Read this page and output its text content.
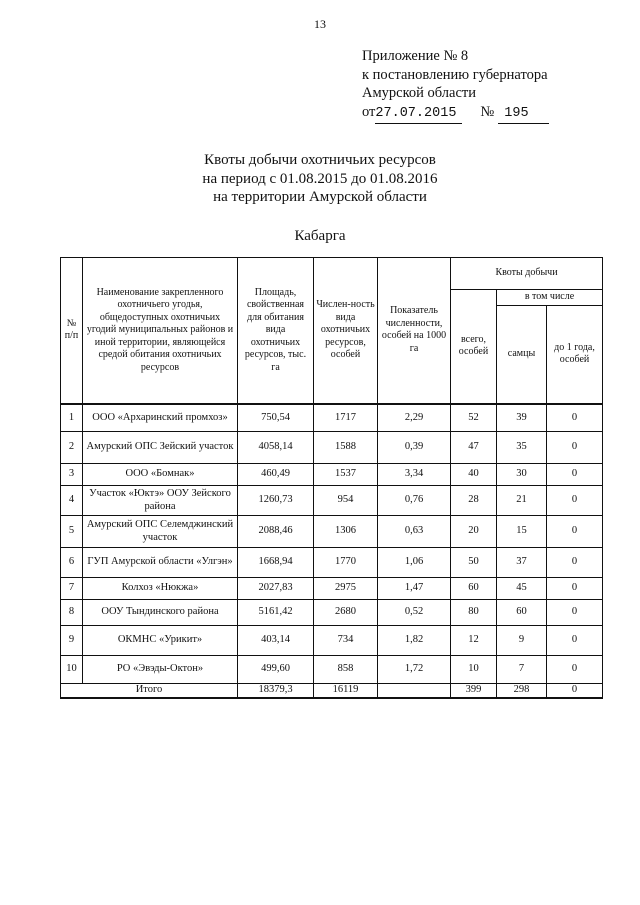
13
Приложение № 8
к постановлению губернатора
Амурской области
от 27.07.2015	№ 195
Квоты добычи охотничьих ресурсов
на период с 01.08.2015 до 01.08.2016
на территории Амурской области
Кабарга
№ п/п	Наименование закрепленного охотничьего угодья, общедоступных охотничьих угодий муниципальных районов и иной территории, являющейся средой обитания охотничьих ресурсов	Площадь, свойственная для обитания вида охотничьих ресурсов, тыс. га	Числен-ность вида охотничьих ресурсов, особей	Показатель численности, особей на 1000 га	Квоты добычи		
					всего, особей	в том числе	
						самцы	до 1 года, особей
1	ООО «Архаринский промхоз»	750,54	1717	2,29	52	39	0
2	Амурский ОПС Зейский участок	4058,14	1588	0,39	47	35	0
3	ООО «Бомнак»	460,49	1537	3,34	40	30	0
4	Участок «Юктэ» ООУ Зейского района	1260,73	954	0,76	28	21	0
5	Амурский ОПС Селемджинский участок	2088,46	1306	0,63	20	15	0
6	ГУП Амурской области «Улгэн»	1668,94	1770	1,06	50	37	0
7	Колхоз «Нюкжа»	2027,83	2975	1,47	60	45	0
8	ООУ Тындинского района	5161,42	2680	0,52	80	60	0
9	ОКМНС «Урикит»	403,14	734	1,82	12	9	0
10	РО «Эвэды-Октон»	499,60	858	1,72	10	7	0
Итого		18379,3	16119		399	298	0
